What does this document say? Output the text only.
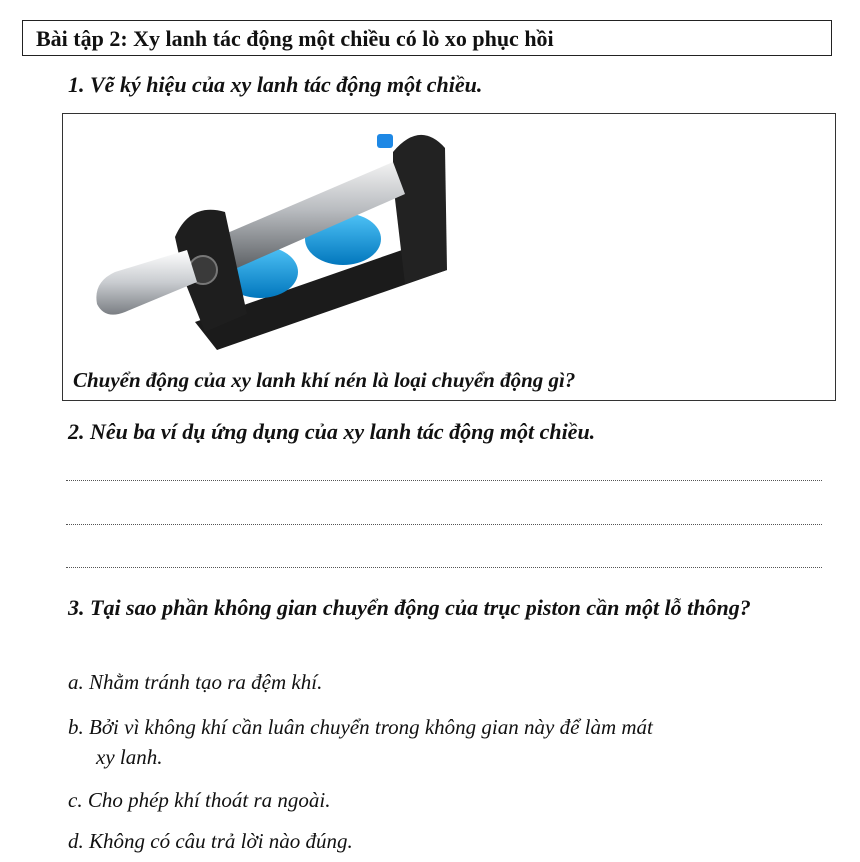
Bài tập 2: Xy lanh tác động một chiều có lò xo phục hồi
1. Vẽ ký hiệu của xy lanh tác động một chiều.
Chuyển động của xy lanh khí nén là loại chuyển động gì?
2. Nêu ba ví dụ ứng dụng của xy lanh tác động một chiều.
3. Tại sao phần không gian chuyển động của trục piston cần một lỗ thông?
a. Nhằm tránh tạo ra đệm khí.
b. Bởi vì không khí cần luân chuyển trong không gian này để làm mát
xy lanh.
c. Cho phép khí thoát ra ngoài.
d. Không có câu trả lời nào đúng.
